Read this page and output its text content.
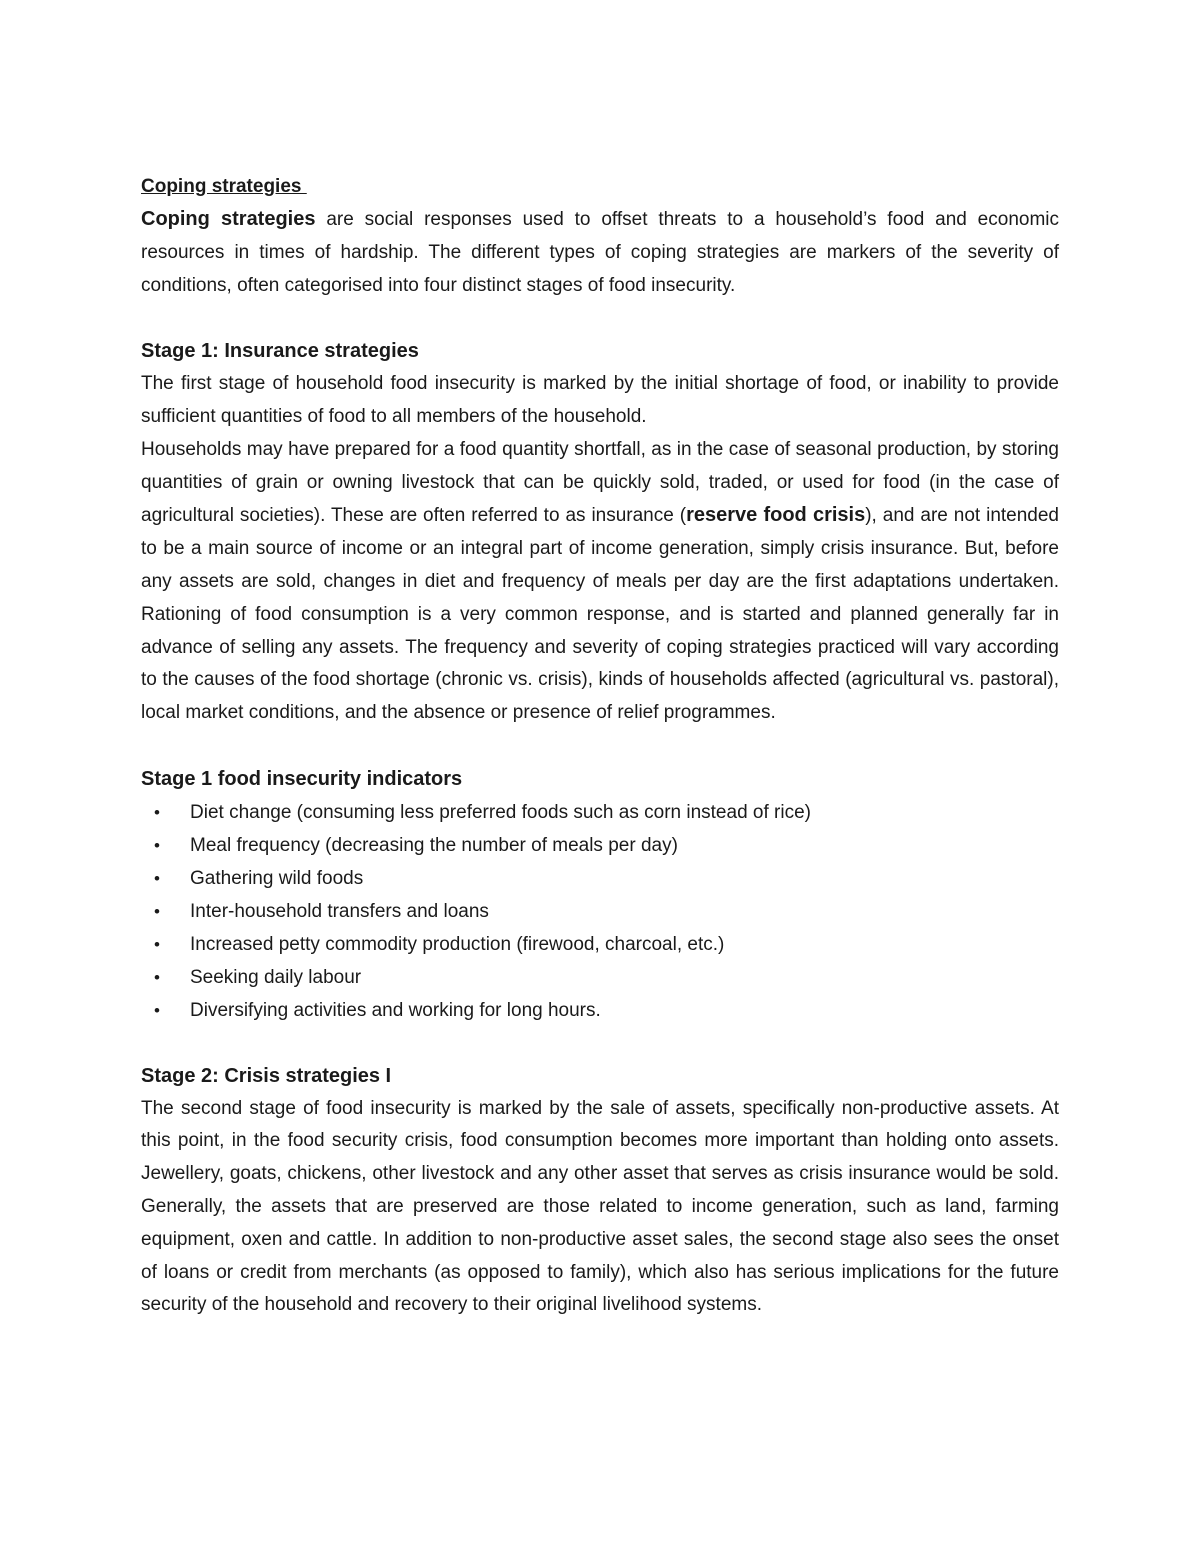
Coping strategies

Coping strategies are social responses used to offset threats to a household’s food and economic resources in times of hardship. The different types of coping strategies are markers of the severity of conditions, often categorised into four distinct stages of food insecurity.

Stage 1: Insurance strategies

The first stage of household food insecurity is marked by the initial shortage of food, or inability to provide sufficient quantities of food to all members of the household.

Households may have prepared for a food quantity shortfall, as in the case of seasonal production, by storing quantities of grain or owning livestock that can be quickly sold, traded, or used for food (in the case of agricultural societies). These are often referred to as insurance (reserve food crisis), and are not intended to be a main source of income or an integral part of income generation, simply crisis insurance. But, before any assets are sold, changes in diet and frequency of meals per day are the first adaptations undertaken. Rationing of food consumption is a very common response, and is started and planned generally far in advance of selling any assets. The frequency and severity of coping strategies practiced will vary according to the causes of the food shortage (chronic vs. crisis), kinds of households affected (agricultural vs. pastoral), local market conditions, and the absence or presence of relief programmes.

Stage 1 food insecurity indicators
• Diet change (consuming less preferred foods such as corn instead of rice)
• Meal frequency (decreasing the number of meals per day)
• Gathering wild foods
• Inter-household transfers and loans
• Increased petty commodity production (firewood, charcoal, etc.)
• Seeking daily labour
• Diversifying activities and working for long hours.
Stage 2: Crisis strategies I

The second stage of food insecurity is marked by the sale of assets, specifically non-productive assets. At this point, in the food security crisis, food consumption becomes more important than holding onto assets. Jewellery, goats, chickens, other livestock and any other asset that serves as crisis insurance would be sold. Generally, the assets that are preserved are those related to income generation, such as land, farming equipment, oxen and cattle. In addition to non-productive asset sales, the second stage also sees the onset of loans or credit from merchants (as opposed to family), which also has serious implications for the future security of the household and recovery to their original livelihood systems.
